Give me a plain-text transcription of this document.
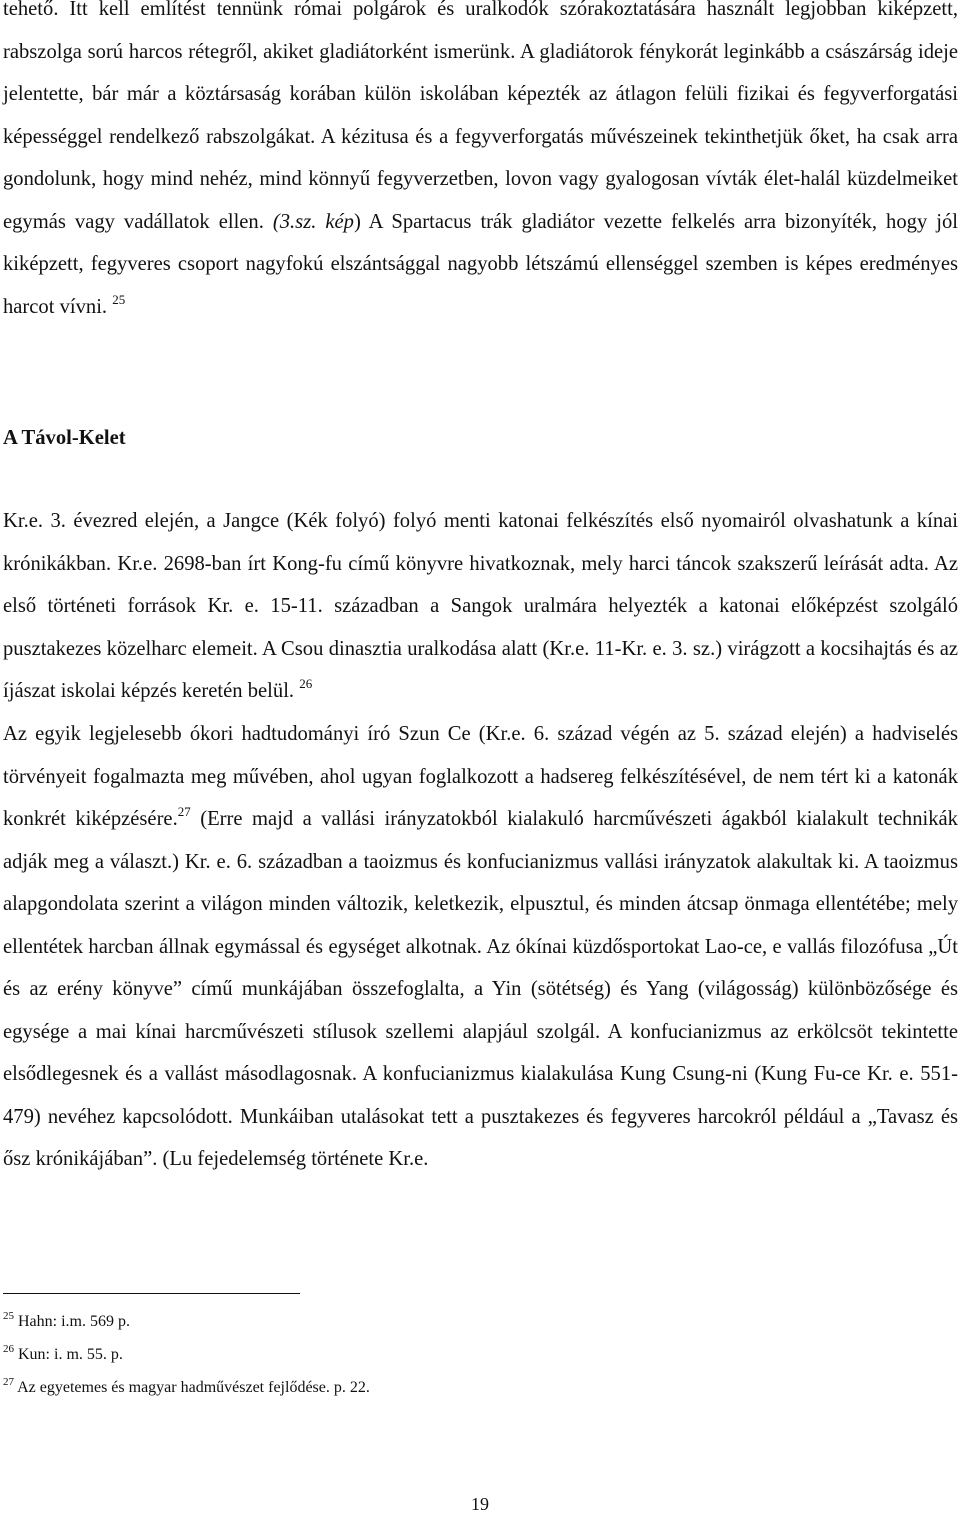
tehető. Itt kell említést tennünk római polgárok és uralkodók szórakoztatására használt legjobban kiképzett, rabszolga sorú harcos rétegről, akiket gladiátorként ismerünk. A gladiátorok fénykorát leginkább a császárság ideje jelentette, bár már a köztársaság korában külön iskolában képezték az átlagon felüli fizikai és fegyverforgatási képességgel rendelkező rabszolgákat. A kézitusa és a fegyverforgatás művészeinek tekinthetjük őket, ha csak arra gondolunk, hogy mind nehéz, mind könnyű fegyverzetben, lovon vagy gyalogosan vívták élet-halál küzdelmeiket egymás vagy vadállatok ellen. (3.sz. kép) A Spartacus trák gladiátor vezette felkelés arra bizonyíték, hogy jól kiképzett, fegyveres csoport nagyfokú elszántsággal nagyobb létszámú ellenséggel szemben is képes eredményes harcot vívni. $^{25}$

A Távol-Kelet

Kr.e. 3. évezred elején, a Jangce (Kék folyó) folyó menti katonai felkészítés első nyomairól olvashatunk a kínai krónikákban. Kr.e. 2698-ban írt Kong-fu című könyvre hivatkoznak, mely harci táncok szakszerű leírását adta. Az első történeti források Kr. e. 15-11. században a Sangok uralmára helyezték a katonai előképzést szolgáló pusztakezes közelharc elemeit. A Csou dinasztia uralkodása alatt (Kr.e. 11-Kr. e. 3. sz.) virágzott a kocsihajtás és az íjászat iskolai képzés keretén belül. $^{26}$

Az egyik legjelesebb ókori hadtudományi író Szun Ce (Kr.e. 6. század végén az 5. század elején) a hadviselés törvényeit fogalmazta meg művében, ahol ugyan foglalkozott a hadsereg felkészítésével, de nem tért ki a katonák konkrét kiképzésére.$^{27}$ (Erre majd a vallási irányzatokból kialakuló harcművészeti ágakból kialakult technikák adják meg a választ.) Kr. e. 6. században a taoizmus és konfucianizmus vallási irányzatok alakultak ki. A taoizmus alapgondolata szerint a világon minden változik, keletkezik, elpusztul, és minden átcsap önmaga ellentétébe; mely ellentétek harcban állnak egymással és egységet alkotnak. Az ókínai küzdősportokat Lao-ce, e vallás filozófusa „Út és az erény könyve” című munkájában összefoglalta, a Yin (sötétség) és Yang (világosság) különbözősége és egysége a mai kínai harcművészeti stílusok szellemi alapjául szolgál. A konfucianizmus az erkölcsöt tekintette elsődlegesnek és a vallást másodlagosnak. A konfucianizmus kialakulása Kung Csung-ni (Kung Fu-ce Kr. e. 551-479) nevéhez kapcsolódott. Munkáiban utalásokat tett a pusztakezes és fegyveres harcokról például a „Tavasz és ősz krónikájában”. (Lu fejedelemség története Kr.e.

$^{25}$ Hahn: i.m. 569 p.
$^{26}$ Kun: i. m. 55. p.
$^{27}$ Az egyetemes és magyar hadművészet fejlődése. p. 22.
19
